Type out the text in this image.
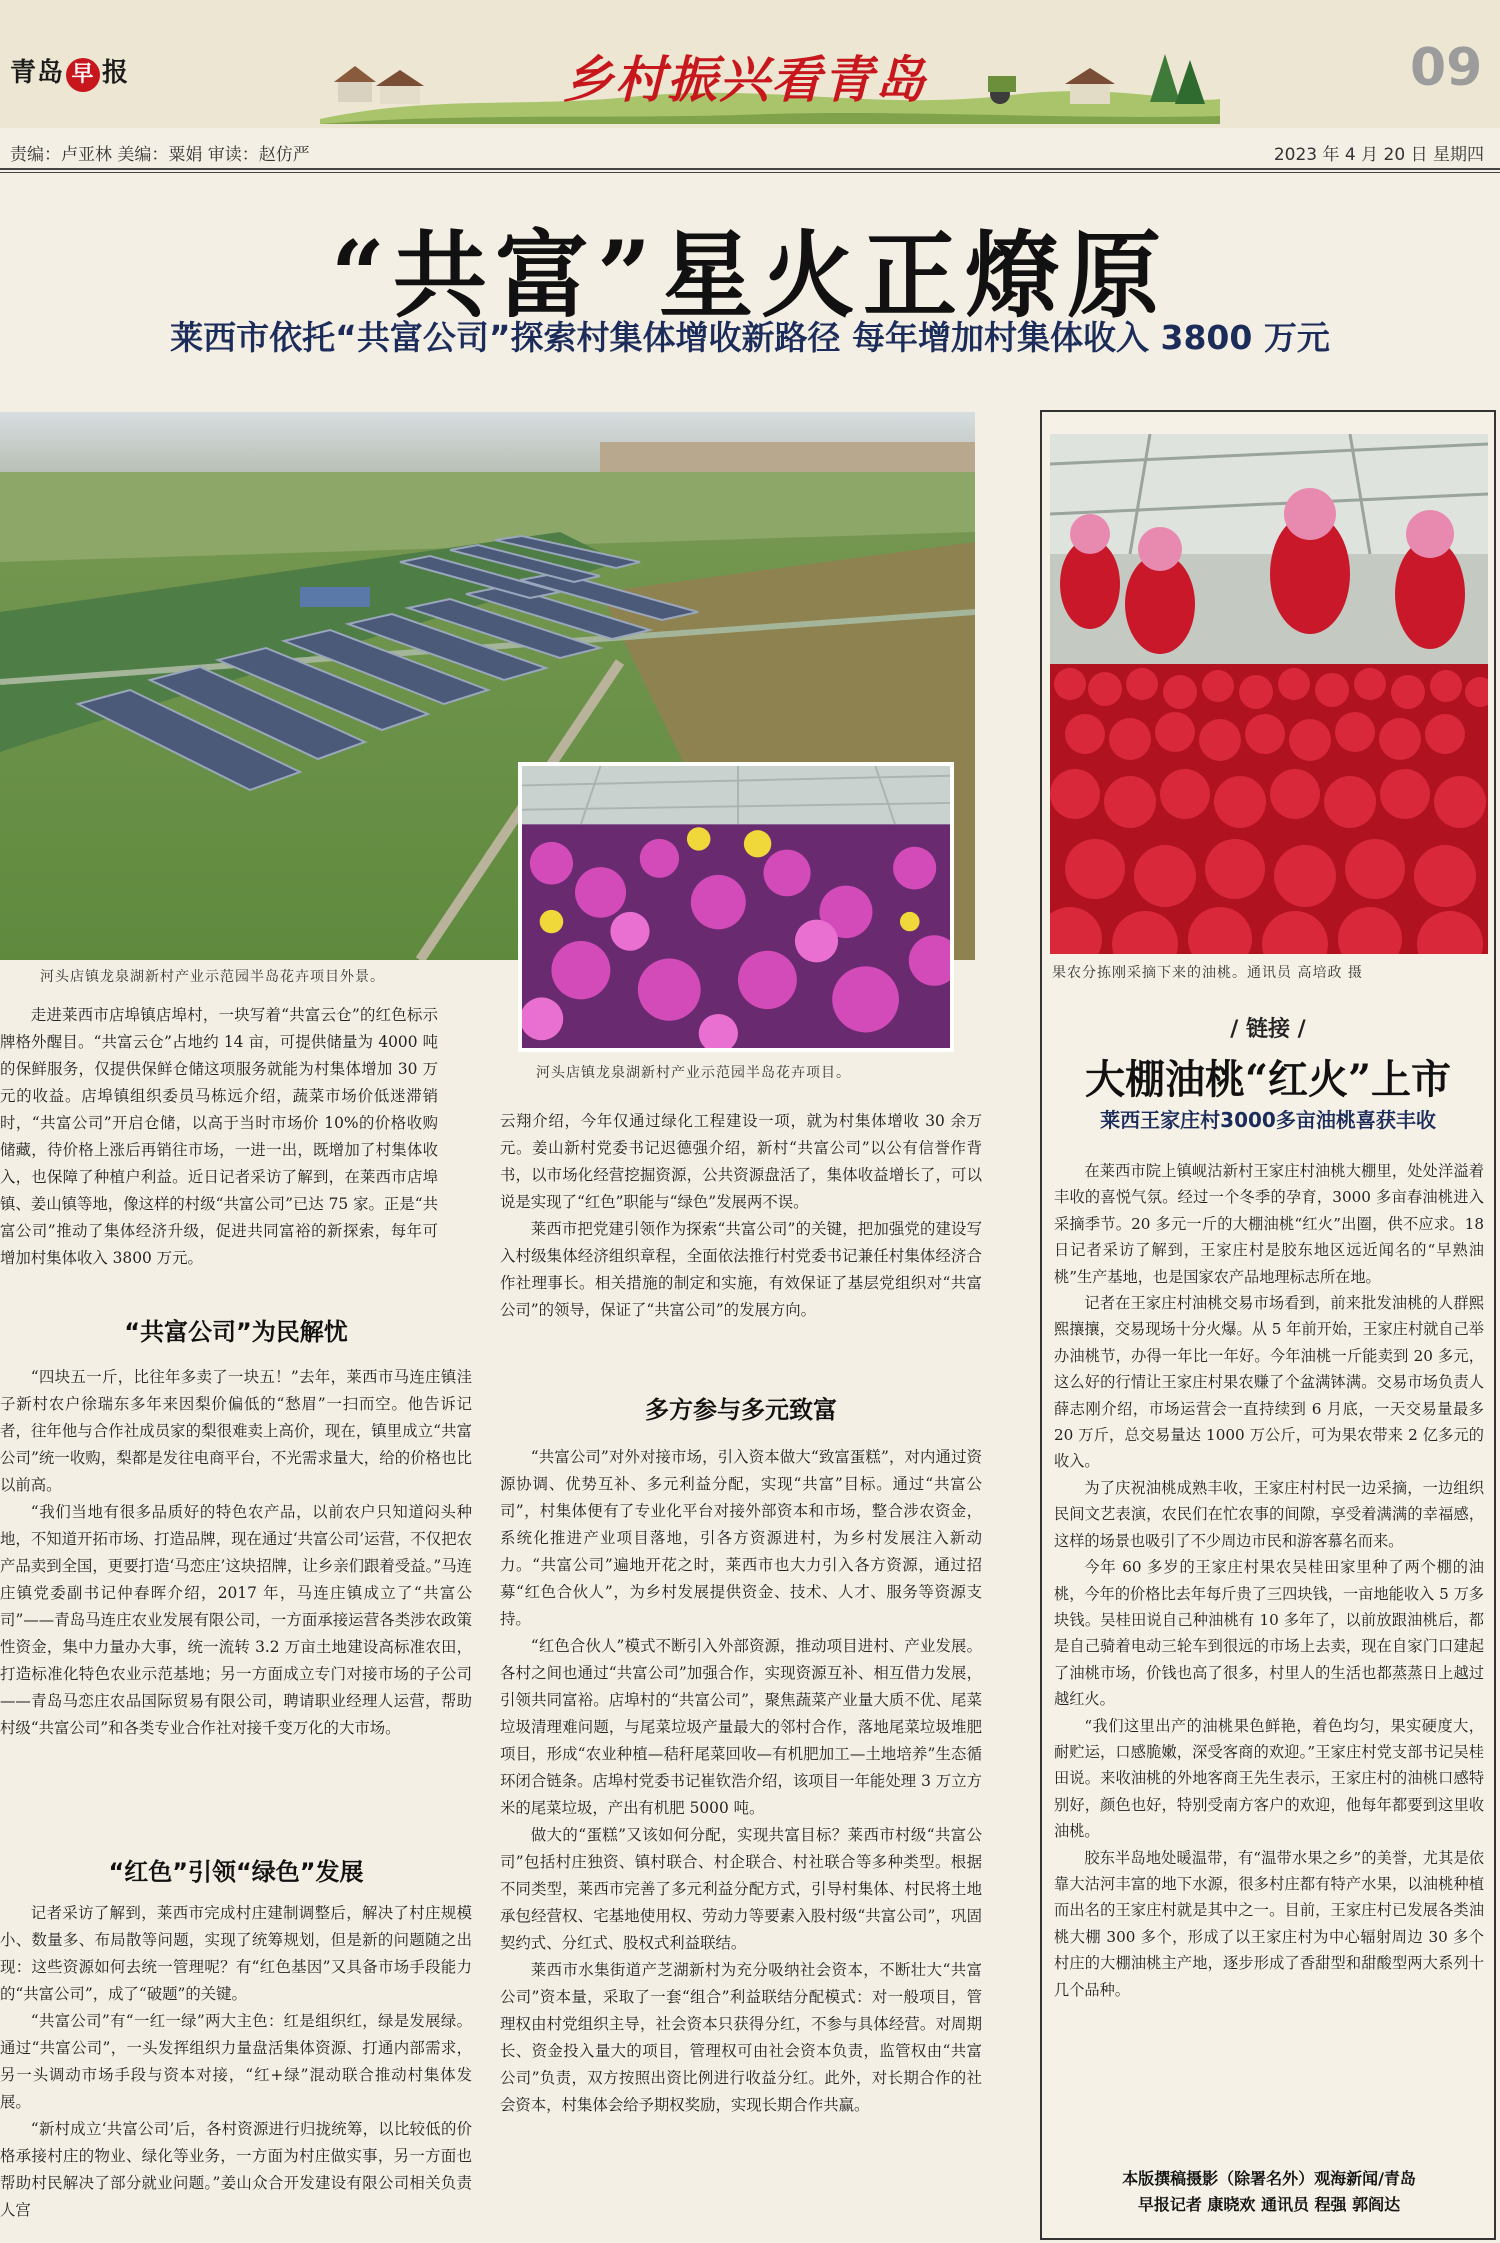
青岛 早 报	乡村振兴看青岛	09
责编：卢亚林 美编：粟娟 审读：赵仿严	2023 年 4 月 20 日 星期四
“共富”星火正燎原
莱西市依托“共富公司”探索村集体增收新路径 每年增加村集体收入 3800 万元
河头店镇龙泉湖新村产业示范园半岛花卉项目外景。
河头店镇龙泉湖新村产业示范园半岛花卉项目。

走进莱西市店埠镇店埠村，一块写着“共富云仓”的红色标示牌格外醒目。“共富云仓”占地约 14 亩，可提供储量为 4000 吨的保鲜服务，仅提供保鲜仓储这项服务就能为村集体增加 30 万元的收益。店埠镇组织委员马栋远介绍，蔬菜市场价低迷滞销时，“共富公司”开启仓储，以高于当时市场价 10%的价格收购储藏，待价格上涨后再销往市场，一进一出，既增加了村集体收入，也保障了种植户利益。近日记者采访了解到，在莱西市店埠镇、姜山镇等地，像这样的村级“共富公司”已达 75 家。正是“共富公司”推动了集体经济升级，促进共同富裕的新探索，每年可增加村集体收入 3800 万元。

“共富公司”为民解忧

“四块五一斤，比往年多卖了一块五！”去年，莱西市马连庄镇洼子新村农户徐瑞东多年来因梨价偏低的“愁眉”一扫而空。他告诉记者，往年他与合作社成员家的梨很难卖上高价，现在，镇里成立“共富公司”统一收购，梨都是发往电商平台，不光需求量大，给的价格也比以前高。

“我们当地有很多品质好的特色农产品，以前农户只知道闷头种地，不知道开拓市场、打造品牌，现在通过‘共富公司’运营，不仅把农产品卖到全国，更要打造‘马恋庄’这块招牌，让乡亲们跟着受益。”马连庄镇党委副书记仲春晖介绍，2017 年，马连庄镇成立了“共富公司”——青岛马连庄农业发展有限公司，一方面承接运营各类涉农政策性资金，集中力量办大事，统一流转 3.2 万亩土地建设高标准农田，打造标准化特色农业示范基地；另一方面成立专门对接市场的子公司——青岛马恋庄农品国际贸易有限公司，聘请职业经理人运营，帮助村级“共富公司”和各类专业合作社对接千变万化的大市场。

“红色”引领“绿色”发展

记者采访了解到，莱西市完成村庄建制调整后，解决了村庄规模小、数量多、布局散等问题，实现了统筹规划，但是新的问题随之出现：这些资源如何去统一管理呢？有“红色基因”又具备市场手段能力的“共富公司”，成了“破题”的关键。

“共富公司”有“一红一绿”两大主色：红是组织红，绿是发展绿。通过“共富公司”，一头发挥组织力量盘活集体资源、打通内部需求，另一头调动市场手段与资本对接，“红+绿”混动联合推动村集体发展。

“新村成立‘共富公司’后，各村资源进行归拢统筹，以比较低的价格承接村庄的物业、绿化等业务，一方面为村庄做实事，另一方面也帮助村民解决了部分就业问题。”姜山众合开发建设有限公司相关负责人宫

云翔介绍，今年仅通过绿化工程建设一项，就为村集体增收 30 余万元。姜山新村党委书记迟德强介绍，新村“共富公司”以公有信誉作背书，以市场化经营挖掘资源，公共资源盘活了，集体收益增长了，可以说是实现了“红色”职能与“绿色”发展两不误。

莱西市把党建引领作为探索“共富公司”的关键，把加强党的建设写入村级集体经济组织章程，全面依法推行村党委书记兼任村集体经济合作社理事长。相关措施的制定和实施，有效保证了基层党组织对“共富公司”的领导，保证了“共富公司”的发展方向。

多方参与多元致富

“共富公司”对外对接市场，引入资本做大“致富蛋糕”，对内通过资源协调、优势互补、多元利益分配，实现“共富”目标。通过“共富公司”，村集体便有了专业化平台对接外部资本和市场，整合涉农资金，系统化推进产业项目落地，引各方资源进村，为乡村发展注入新动力。“共富公司”遍地开花之时，莱西市也大力引入各方资源，通过招募“红色合伙人”，为乡村发展提供资金、技术、人才、服务等资源支持。

“红色合伙人”模式不断引入外部资源，推动项目进村、产业发展。各村之间也通过“共富公司”加强合作，实现资源互补、相互借力发展，引领共同富裕。店埠村的“共富公司”，聚焦蔬菜产业量大质不优、尾菜垃圾清理难问题，与尾菜垃圾产量最大的邻村合作，落地尾菜垃圾堆肥项目，形成“农业种植—秸秆尾菜回收—有机肥加工—土地培养”生态循环闭合链条。店埠村党委书记崔钦浩介绍，该项目一年能处理 3 万立方米的尾菜垃圾，产出有机肥 5000 吨。

做大的“蛋糕”又该如何分配，实现共富目标？莱西市村级“共富公司”包括村庄独资、镇村联合、村企联合、村社联合等多种类型。根据不同类型，莱西市完善了多元利益分配方式，引导村集体、村民将土地承包经营权、宅基地使用权、劳动力等要素入股村级“共富公司”，巩固契约式、分红式、股权式利益联结。

莱西市水集街道产芝湖新村为充分吸纳社会资本，不断壮大“共富公司”资本量，采取了一套“组合”利益联结分配模式：对一般项目，管理权由村党组织主导，社会资本只获得分红，不参与具体经营。对周期长、资金投入量大的项目，管理权可由社会资本负责，监管权由“共富公司”负责，双方按照出资比例进行收益分红。此外，对长期合作的社会资本，村集体会给予期权奖励，实现长期合作共赢。

果农分拣刚采摘下来的油桃。通讯员 高培政 摄
/ 链接 /
大棚油桃“红火”上市
莱西王家庄村3000多亩油桃喜获丰收

在莱西市院上镇岘沽新村王家庄村油桃大棚里，处处洋溢着丰收的喜悦气氛。经过一个冬季的孕育，3000 多亩春油桃进入采摘季节。20 多元一斤的大棚油桃“红火”出圈，供不应求。18 日记者采访了解到，王家庄村是胶东地区远近闻名的“早熟油桃”生产基地，也是国家农产品地理标志所在地。

记者在王家庄村油桃交易市场看到，前来批发油桃的人群熙熙攘攘，交易现场十分火爆。从 5 年前开始，王家庄村就自己举办油桃节，办得一年比一年好。今年油桃一斤能卖到 20 多元，这么好的行情让王家庄村果农赚了个盆满钵满。交易市场负责人薛志刚介绍，市场运营会一直持续到 6 月底，一天交易量最多 20 万斤，总交易量达 1000 万公斤，可为果农带来 2 亿多元的收入。

为了庆祝油桃成熟丰收，王家庄村村民一边采摘，一边组织民间文艺表演，农民们在忙农事的间隙，享受着满满的幸福感，这样的场景也吸引了不少周边市民和游客慕名而来。

今年 60 多岁的王家庄村果农吴桂田家里种了两个棚的油桃，今年的价格比去年每斤贵了三四块钱，一亩地能收入 5 万多块钱。吴桂田说自己种油桃有 10 多年了，以前放跟油桃后，都是自己骑着电动三轮车到很远的市场上去卖，现在自家门口建起了油桃市场，价钱也高了很多，村里人的生活也都蒸蒸日上越过越红火。

“我们这里出产的油桃果色鲜艳，着色均匀，果实硬度大，耐贮运，口感脆嫩，深受客商的欢迎。”王家庄村党支部书记吴桂田说。来收油桃的外地客商王先生表示，王家庄村的油桃口感特别好，颜色也好，特别受南方客户的欢迎，他每年都要到这里收油桃。

胶东半岛地处暖温带，有“温带水果之乡”的美誉，尤其是依靠大沽河丰富的地下水源，很多村庄都有特产水果，以油桃种植而出名的王家庄村就是其中之一。目前，王家庄村已发展各类油桃大棚 300 多个，形成了以王家庄村为中心辐射周边 30 多个村庄的大棚油桃主产地，逐步形成了香甜型和甜酸型两大系列十几个品种。

本版撰稿摄影（除署名外）观海新闻/青岛
早报记者 康晓欢 通讯员 程强 郭阎达
